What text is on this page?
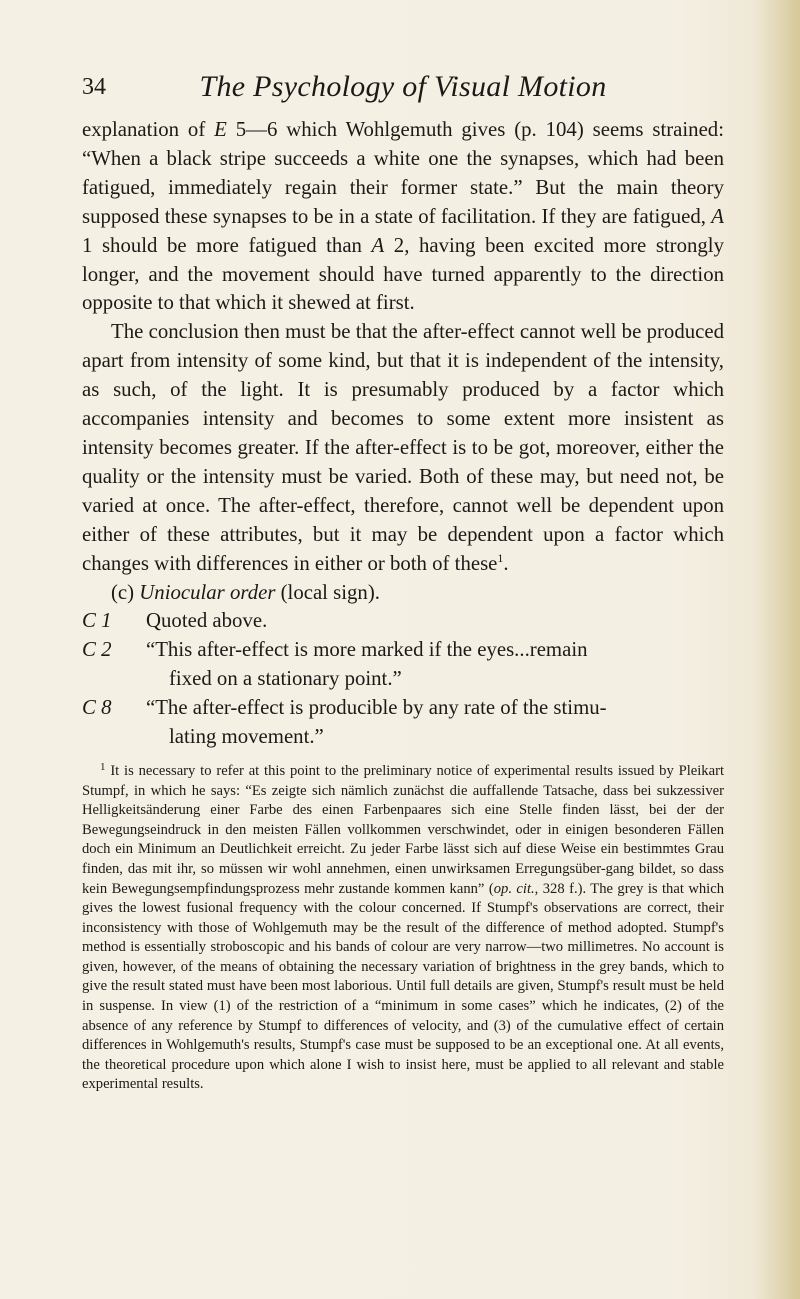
34	The Psychology of Visual Motion

explanation of E 5—6 which Wohlgemuth gives (p. 104) seems strained: “When a black stripe succeeds a white one the synapses, which had been fatigued, immediately regain their former state.” But the main theory supposed these synapses to be in a state of facilitation. If they are fatigued, A 1 should be more fatigued than A 2, having been excited more strongly longer, and the movement should have turned apparently to the direction opposite to that which it shewed at first.

The conclusion then must be that the after-effect cannot well be produced apart from intensity of some kind, but that it is independent of the intensity, as such, of the light. It is presumably produced by a factor which accompanies intensity and becomes to some extent more insistent as intensity becomes greater. If the after-effect is to be got, moreover, either the quality or the intensity must be varied. Both of these may, but need not, be varied at once. The after-effect, therefore, cannot well be dependent upon either of these attributes, but it may be dependent upon a factor which changes with differences in either or both of these$^1$.

(c) Uniocular order (local sign).
C 1	Quoted above.
C 2	“This after-effect is more marked if the eyes...remain
fixed on a stationary point.”
C 8	“The after-effect is producible by any rate of the stimu-
lating movement.”

$^1$ It is necessary to refer at this point to the preliminary notice of experimental results issued by Pleikart Stumpf, in which he says: “Es zeigte sich nämlich zunächst die auffallende Tatsache, dass bei sukzessiver Helligkeitsänderung einer Farbe des einen Farbenpaares sich eine Stelle finden lässt, bei der der Bewegungseindruck in den meisten Fällen vollkommen verschwindet, oder in einigen besonderen Fällen doch ein Minimum an Deutlichkeit erreicht. Zu jeder Farbe lässt sich auf diese Weise ein bestimmtes Grau finden, das mit ihr, so müssen wir wohl annehmen, einen unwirksamen Erregungsüber-gang bildet, so dass kein Bewegungsempfindungsprozess mehr zustande kommen kann” (op. cit., 328 f.). The grey is that which gives the lowest fusional frequency with the colour concerned. If Stumpf's observations are correct, their inconsistency with those of Wohlgemuth may be the result of the difference of method adopted. Stumpf's method is essentially stroboscopic and his bands of colour are very narrow—two millimetres. No account is given, however, of the means of obtaining the necessary variation of brightness in the grey bands, which to give the result stated must have been most laborious. Until full details are given, Stumpf's result must be held in suspense. In view (1) of the restriction of a “minimum in some cases” which he indicates, (2) of the absence of any reference by Stumpf to differences of velocity, and (3) of the cumulative effect of certain differences in Wohlgemuth's results, Stumpf's case must be supposed to be an exceptional one. At all events, the theoretical procedure upon which alone I wish to insist here, must be applied to all relevant and stable experimental results.
